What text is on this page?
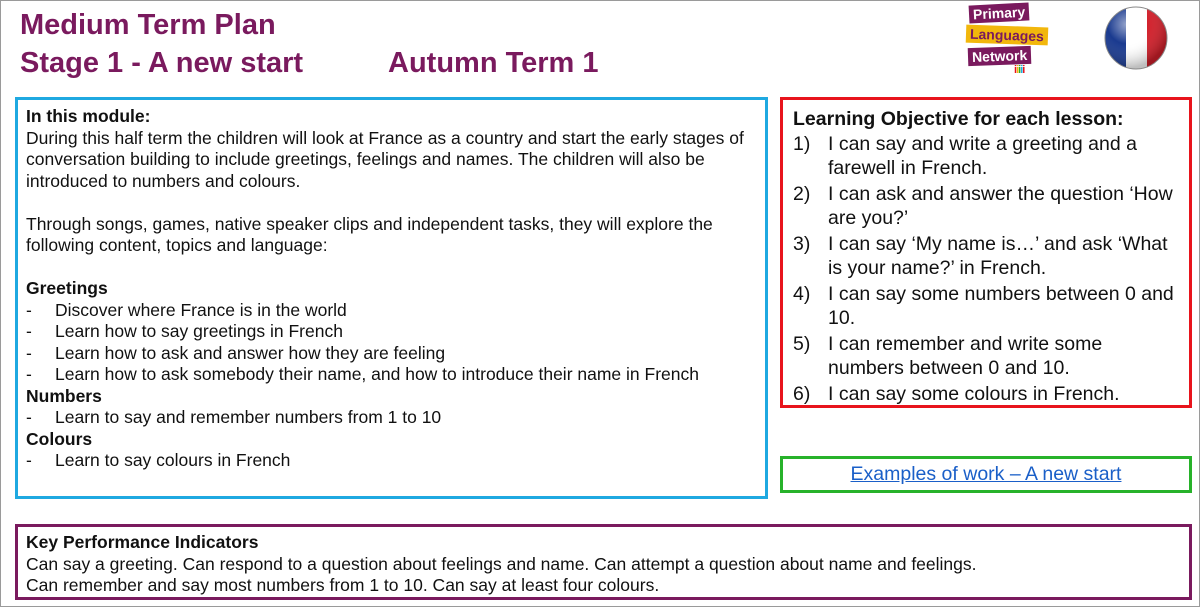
Medium Term Plan
Stage 1 - A new start	Autumn Term 1
Primary
Languages
Network
iiiii
In this module:

During this half term the children will look at France as a country and start the early stages of conversation building to include greetings, feelings and names. The children will also be introduced to numbers and colours.

Through songs, games, native speaker clips and independent tasks, they will explore the following content, topics and language:

Greetings
-	Discover where France is in the world
-	Learn how to say greetings in French
-	Learn how to ask and answer how they are feeling
-	Learn how to ask somebody their name, and how to introduce their name in French
Numbers
-	Learn to say and remember numbers from 1 to 10
Colours
-	Learn to say colours in French
Learning Objective for each lesson:
1) I can say and write a greeting and a farewell in French.
2) I can ask and answer the question ‘How are you?’
3) I can say ‘My name is…’ and ask ‘What is your name?’ in French.
4) I can say some numbers between 0 and 10.
5) I can remember and write some numbers between 0 and 10.
6) I can say some colours in French.
Examples of work – A new start
Key Performance Indicators
Can say a greeting. Can respond to a question about feelings and name. Can attempt a question about name and feelings.
Can remember and say most numbers from 1 to 10. Can say at least four colours.
